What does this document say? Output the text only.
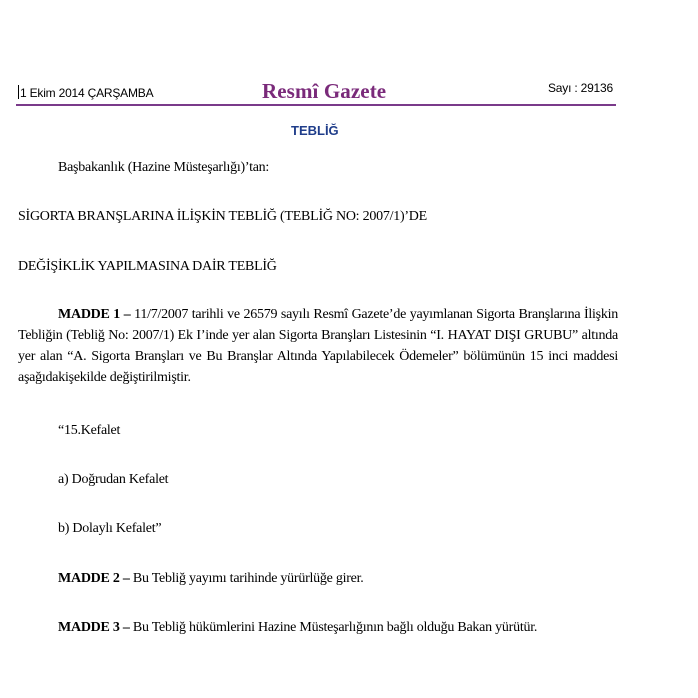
1 Ekim 2014 ÇARŞAMBA	Resmî Gazete	Sayı : 29136
TEBLİĞ
Başbakanlık (Hazine Müsteşarlığı)’tan:
SİGORTA BRANŞLARINA İLİŞKİN TEBLİĞ (TEBLİĞ NO: 2007/1)’DE
DEĞİŞİKLİK YAPILMASINA DAİR TEBLİĞ
MADDE 1 – 11/7/2007 tarihli ve 26579 sayılı Resmî Gazete’de yayımlanan Sigorta Branşlarına İlişkin Tebliğin (Tebliğ No: 2007/1) Ek I’inde yer alan Sigorta Branşları Listesinin “I. HAYAT DIŞI GRUBU” altında yer alan “A. Sigorta Branşları ve Bu Branşlar Altında Yapılabilecek Ödemeler” bölümünün 15 inci maddesi aşağıdakişekilde değiştirilmiştir.
“15.Kefalet
a) Doğrudan Kefalet
b) Dolaylı Kefalet”
MADDE 2 – Bu Tebliğ yayımı tarihinde yürürlüğe girer.
MADDE 3 – Bu Tebliğ hükümlerini Hazine Müsteşarlığının bağlı olduğu Bakan yürütür.
